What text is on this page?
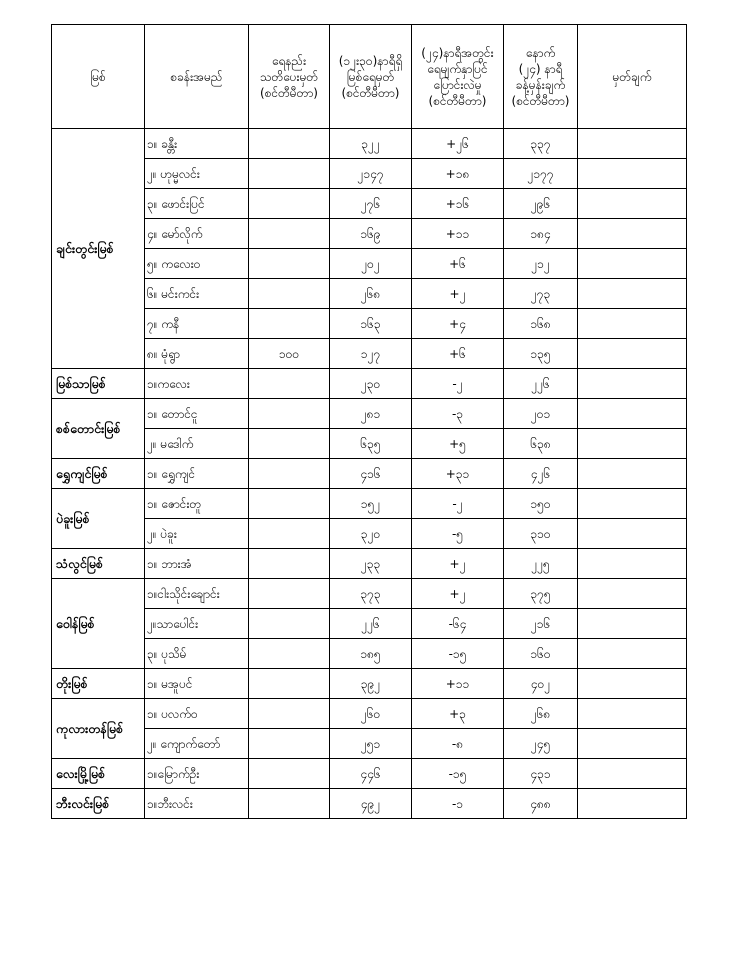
မြစ်	စခန်းအမည်	ရေနည်း
သတိပေးမှတ်
(စင်တီမီတာ)	(၁၂း၃၀)နာရီရှိ
မြစ်ရေမှတ်
(စင်တီမီတာ)	(၂၄)နာရီအတွင်း
ရေမျက်နှာပြင်
ပြောင်းလဲမှု
(စင်တီမီတာ)	နောက်
(၂၄) နာရီ
ခန့်မှန်းချက်
(စင်တီမီတာ)	မှတ်ချက်
ချင်းတွင်းမြစ်	၁။ ခန္တီး		၃၂၂	+၂၆	၃၃၇	
	၂။ ဟုမ္မလင်း		၂၁၄၇	+၁၈	၂၁၇၇	
	၃။ ဖောင်းပြင်		၂၇၆	+၁၆	၂၉၆	
	၄။ မော်လိုက်		၁၆၉	+၁၁	၁၈၄	
	၅။ ကလေးဝ		၂၀၂	+၆	၂၁၂	
	၆။ မင်းကင်း		၂၆၈	+၂	၂၇၃	
	၇။ ကနီ		၁၆၃	+၄	၁၆၈	
	၈။ မုံရွာ	၁၀၀	၁၂၇	+၆	၁၃၅	
မြစ်သာမြစ်	၁။ကလေး		၂၃၀	-၂	၂၂၆	
စစ်တောင်းမြစ်	၁။ တောင်ငူ		၂၈၁	-၃	၂၀၁	
	၂။ မဒေါက်		၆၃၅	+၅	၆၃၈	
ရွှေကျင်မြစ်	၁။ ရွှေကျင်		၄၁၆	+၃၁	၄၂၆	
ပဲခူးမြစ်	၁။ ဇောင်းတူ		၁၅၂	-၂	၁၅၀	
	၂။ ပဲခူး		၃၂၀	-၅	၃၁၀	
သံလွင်မြစ်	၁။ ဘားအံ		၂၃၃	+၂	၂၂၅	
ဝေါန်မြစ်	၁။ငါးသိုင်းချောင်း		၃၇၃	+၂	၃၇၅	
	၂။သာပေါင်း		၂၂၆	-၆၄	၂၁၆	
	၃။ ပုသိမ်		၁၈၅	-၁၅	၁၆၀	
တိုးမြစ်	၁။ မအူပင်		၃၉၂	+၁၁	၄၀၂	
ကုလားတန်မြစ်	၁။ ပလက်ဝ		၂၆၀	+၃	၂၆၈	
	၂။ ကျောက်တော်		၂၅၁	-၈	၂၄၅	
လေးမြို့မြစ်	၁။မြောက်ဦး		၄၄၆	-၁၅	၄၃၁	
ဘီးလင်းမြစ်	၁။ဘီးလင်း		၄၉၂	-၁	၄၈၈	
